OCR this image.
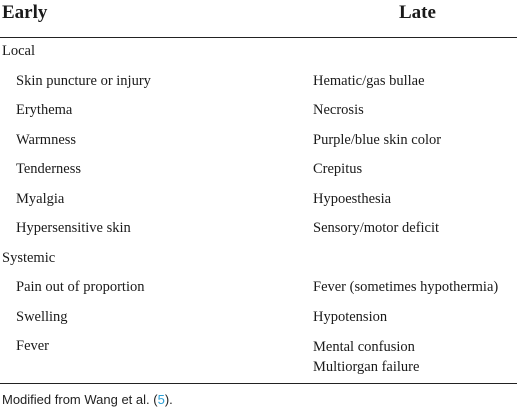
Early	Late
Local
Skin puncture or injury	Hematic/gas bullae
Erythema	Necrosis
Warmness	Purple/blue skin color
Tenderness	Crepitus
Myalgia	Hypoesthesia
Hypersensitive skin	Sensory/motor deficit
Systemic
Pain out of proportion	Fever (sometimes hypothermia)
Swelling	Hypotension
Fever	Mental confusion
Multiorgan failure
Modified from Wang et al. (5).
